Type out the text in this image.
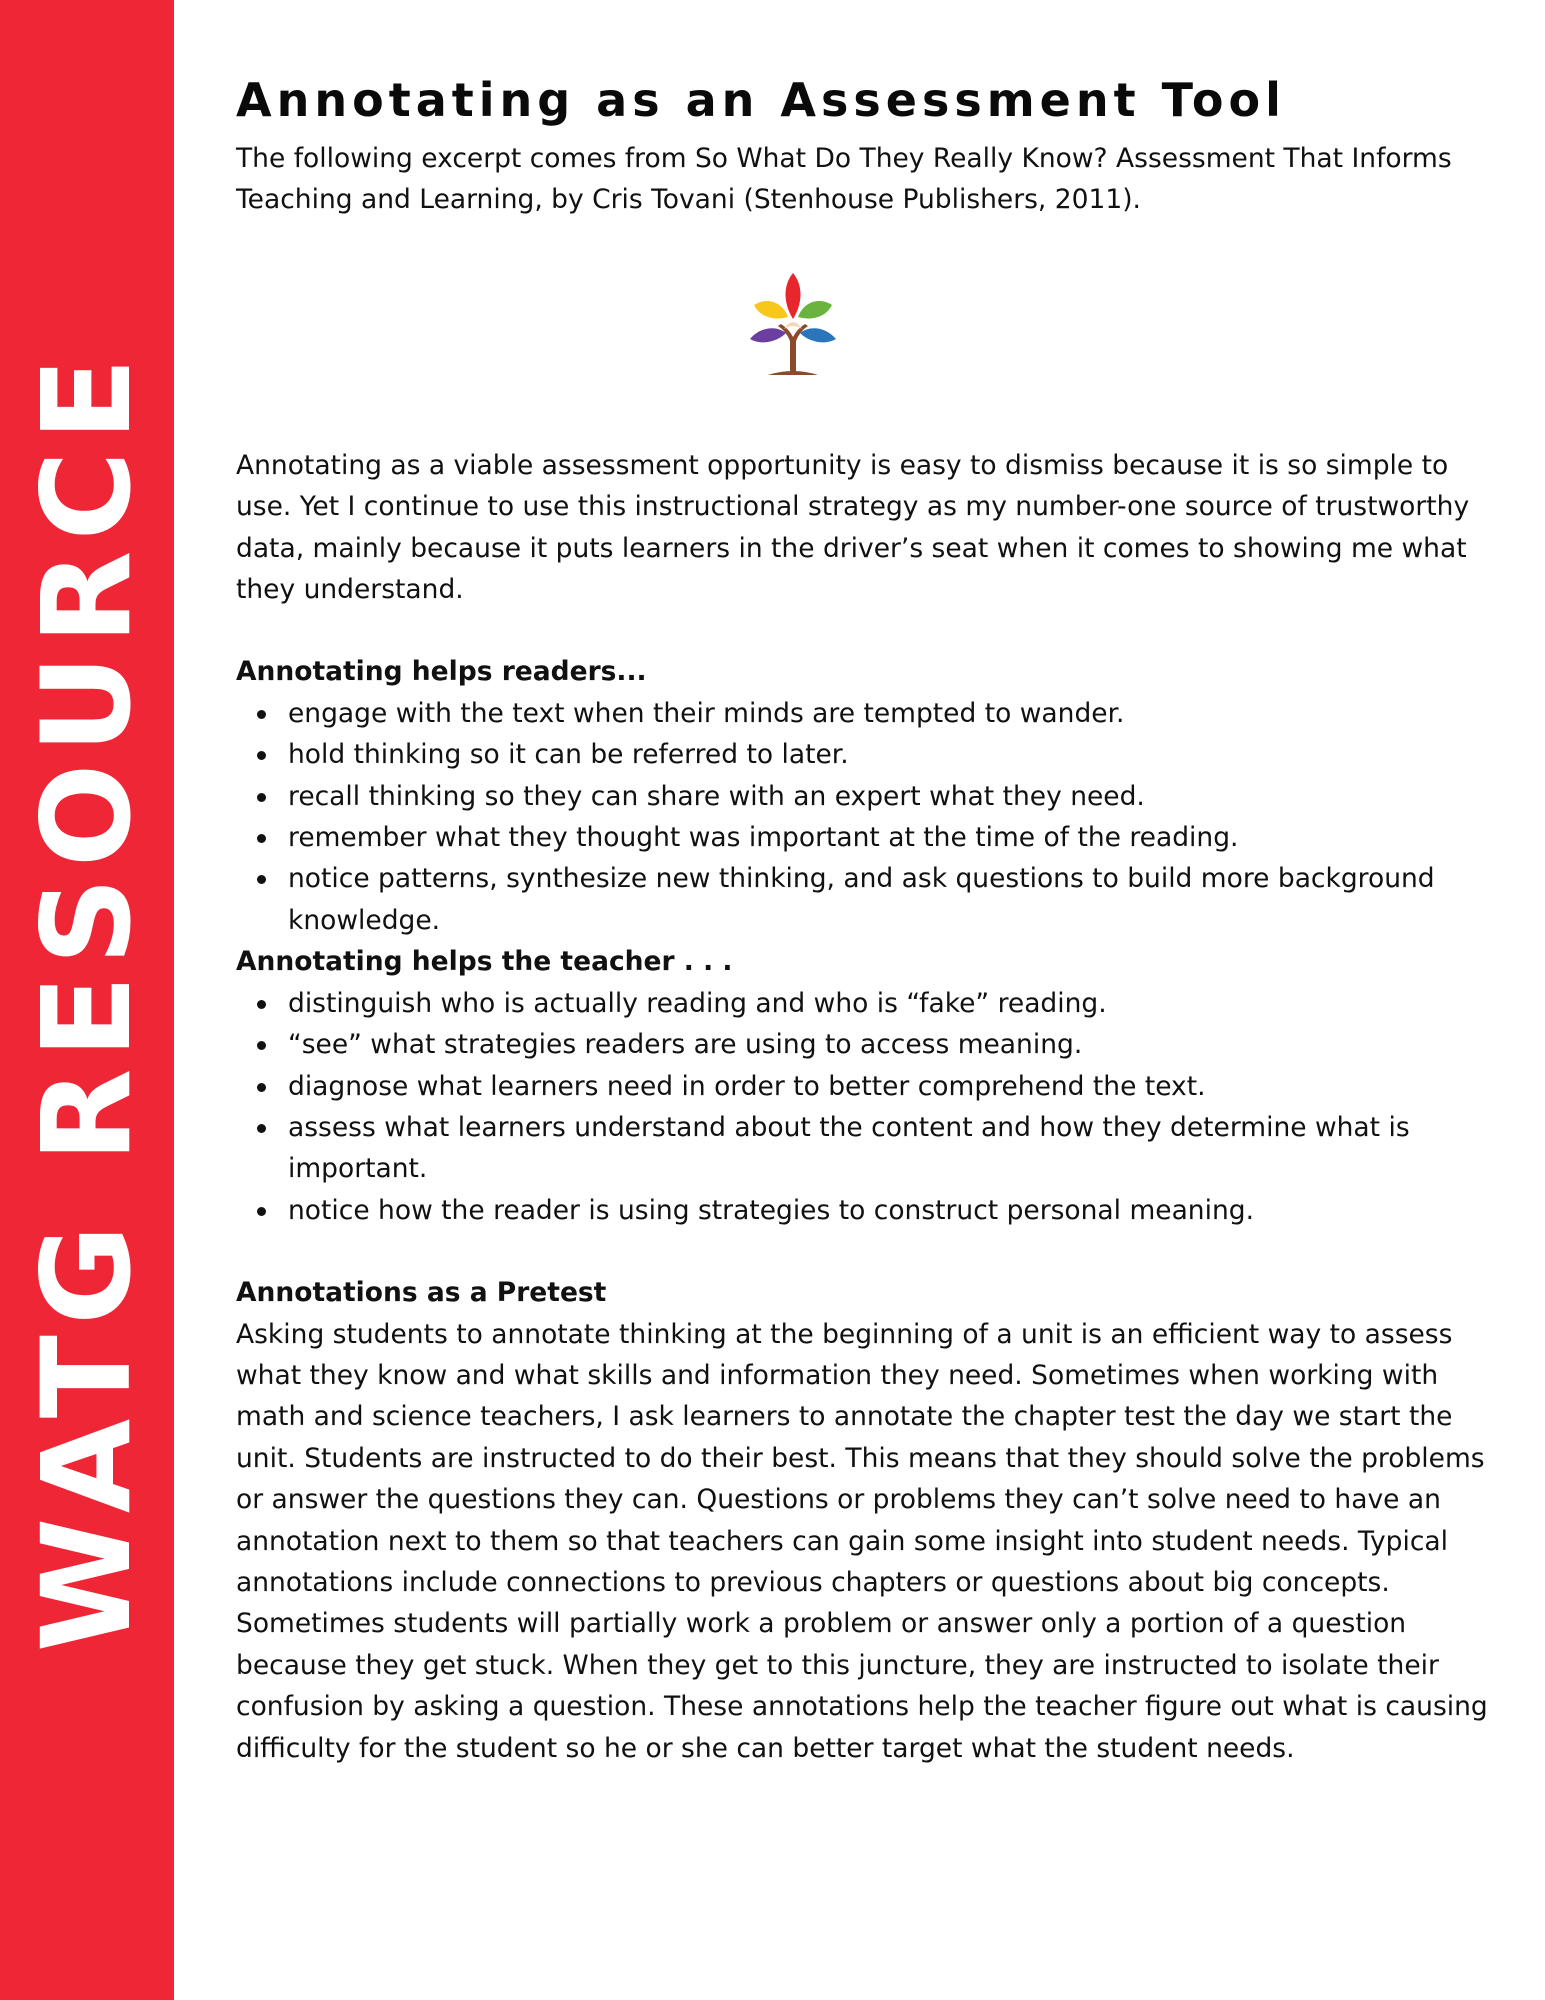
WATG RESOURCE
Annotating as an Assessment Tool

The following excerpt comes from So What Do They Really Know? Assessment That Informs Teaching and Learning, by Cris Tovani (Stenhouse Publishers, 2011).

Annotating as a viable assessment opportunity is easy to dismiss because it is so simple to use. Yet I continue to use this instructional strategy as my number-one source of trustworthy data, mainly because it puts learners in the driver’s seat when it comes to showing me what they understand.

Annotating helps readers...
engage with the text when their minds are tempted to wander.
hold thinking so it can be referred to later.
recall thinking so they can share with an expert what they need.
remember what they thought was important at the time of the reading.
notice patterns, synthesize new thinking, and ask questions to build more background knowledge.
Annotating helps the teacher . . .
distinguish who is actually reading and who is “fake” reading.
“see” what strategies readers are using to access meaning.
diagnose what learners need in order to better comprehend the text.
assess what learners understand about the content and how they determine what is important.
notice how the reader is using strategies to construct personal meaning.
Annotations as a Pretest

Asking students to annotate thinking at the beginning of a unit is an efficient way to assess what they know and what skills and information they need. Sometimes when working with math and science teachers, I ask learners to annotate the chapter test the day we start the unit. Students are instructed to do their best. This means that they should solve the problems or answer the questions they can. Questions or problems they can’t solve need to have an annotation next to them so that teachers can gain some insight into student needs. Typical annotations include connections to previous chapters or questions about big concepts. Sometimes students will partially work a problem or answer only a portion of a question because they get stuck. When they get to this juncture, they are instructed to isolate their confusion by asking a question. These annotations help the teacher figure out what is causing difficulty for the student so he or she can better target what the student needs.
